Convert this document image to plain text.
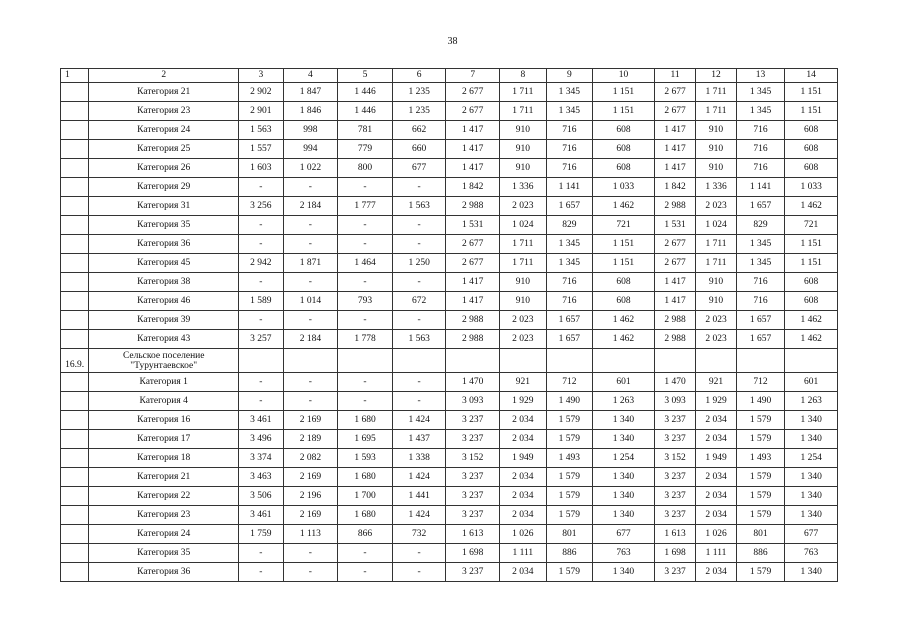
38
1	2	3	4	5	6	7	8	9	10	11	12	13	14
	Категория 21	2 902	1 847	1 446	1 235	2 677	1 711	1 345	1 151	2 677	1 711	1 345	1 151
	Категория 23	2 901	1 846	1 446	1 235	2 677	1 711	1 345	1 151	2 677	1 711	1 345	1 151
	Категория 24	1 563	998	781	662	1 417	910	716	608	1 417	910	716	608
	Категория 25	1 557	994	779	660	1 417	910	716	608	1 417	910	716	608
	Категория 26	1 603	1 022	800	677	1 417	910	716	608	1 417	910	716	608
	Категория 29	-	-	-	-	1 842	1 336	1 141	1 033	1 842	1 336	1 141	1 033
	Категория 31	3 256	2 184	1 777	1 563	2 988	2 023	1 657	1 462	2 988	2 023	1 657	1 462
	Категория 35	-	-	-	-	1 531	1 024	829	721	1 531	1 024	829	721
	Категория 36	-	-	-	-	2 677	1 711	1 345	1 151	2 677	1 711	1 345	1 151
	Категория 45	2 942	1 871	1 464	1 250	2 677	1 711	1 345	1 151	2 677	1 711	1 345	1 151
	Категория 38	-	-	-	-	1 417	910	716	608	1 417	910	716	608
	Категория 46	1 589	1 014	793	672	1 417	910	716	608	1 417	910	716	608
	Категория 39	-	-	-	-	2 988	2 023	1 657	1 462	2 988	2 023	1 657	1 462
	Категория 43	3 257	2 184	1 778	1 563	2 988	2 023	1 657	1 462	2 988	2 023	1 657	1 462
16.9.	Сельское поселение "Турунтаевское"												
	Категория 1	-	-	-	-	1 470	921	712	601	1 470	921	712	601
	Категория 4	-	-	-	-	3 093	1 929	1 490	1 263	3 093	1 929	1 490	1 263
	Категория 16	3 461	2 169	1 680	1 424	3 237	2 034	1 579	1 340	3 237	2 034	1 579	1 340
	Категория 17	3 496	2 189	1 695	1 437	3 237	2 034	1 579	1 340	3 237	2 034	1 579	1 340
	Категория 18	3 374	2 082	1 593	1 338	3 152	1 949	1 493	1 254	3 152	1 949	1 493	1 254
	Категория 21	3 463	2 169	1 680	1 424	3 237	2 034	1 579	1 340	3 237	2 034	1 579	1 340
	Категория 22	3 506	2 196	1 700	1 441	3 237	2 034	1 579	1 340	3 237	2 034	1 579	1 340
	Категория 23	3 461	2 169	1 680	1 424	3 237	2 034	1 579	1 340	3 237	2 034	1 579	1 340
	Категория 24	1 759	1 113	866	732	1 613	1 026	801	677	1 613	1 026	801	677
	Категория 35	-	-	-	-	1 698	1 111	886	763	1 698	1 111	886	763
	Категория 36	-	-	-	-	3 237	2 034	1 579	1 340	3 237	2 034	1 579	1 340
